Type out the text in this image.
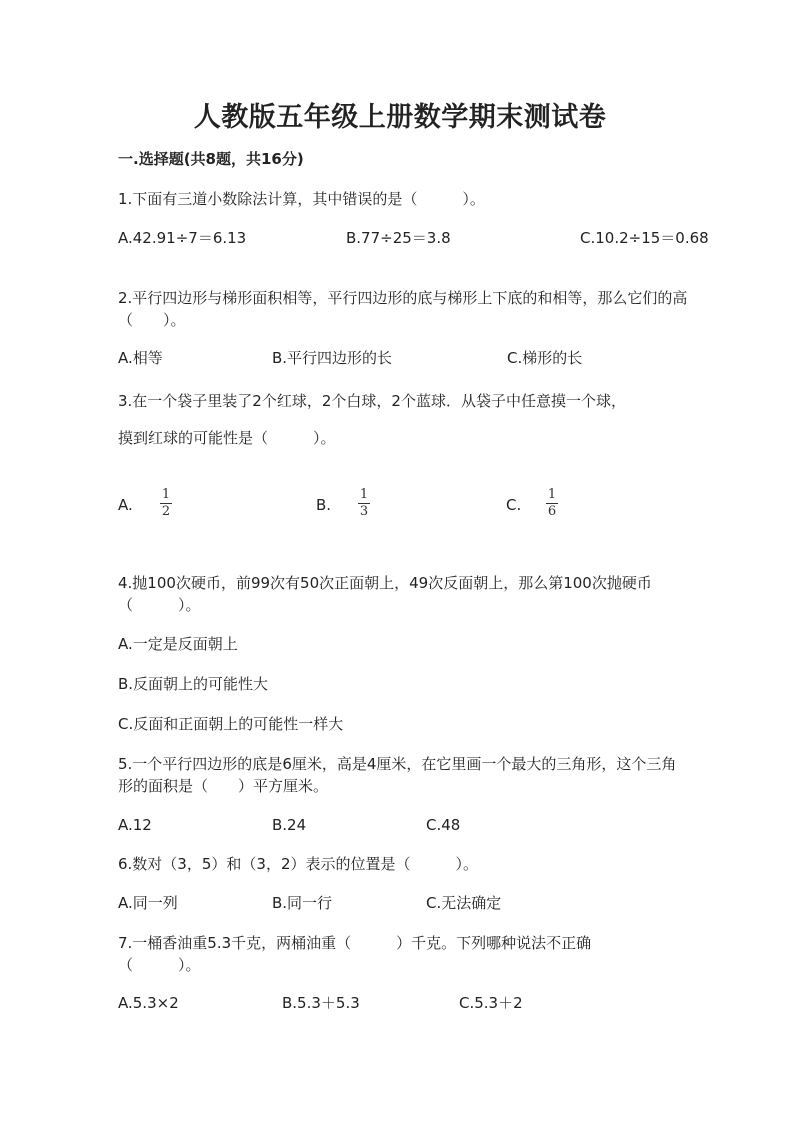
人教版五年级上册数学期末测试卷
一.选择题(共8题，共16分)
1.下面有三道小数除法计算，其中错误的是（　　　）。
A.42.91÷7＝6.13	B.77÷25＝3.8	C.10.2÷15＝0.68
2.平行四边形与梯形面积相等，平行四边形的底与梯形上下底的和相等，那么它们的高（　　）。
A.相等	B.平行四边形的长	C.梯形的长
3.在一个袋子里装了2个红球，2个白球，2个蓝球．从袋子中任意摸一个球，
摸到红球的可能性是（　　　）。
A.
1
2	B.
1
3	C.
1
6
4.抛100次硬币，前99次有50次正面朝上，49次反面朝上，那么第100次抛硬币（　　　）。
A.一定是反面朝上
B.反面朝上的可能性大
C.反面和正面朝上的可能性一样大
5.一个平行四边形的底是6厘米，高是4厘米，在它里画一个最大的三角形，这个三角形的面积是（　　）平方厘米。
A.12	B.24	C.48
6.数对（3，5）和（3，2）表示的位置是（　　　）。
A.同一列	B.同一行	C.无法确定
7.一桶香油重5.3千克，两桶油重（　　　）千克。下列哪种说法不正确（　　　）。
A.5.3×2	B.5.3＋5.3	C.5.3＋2
